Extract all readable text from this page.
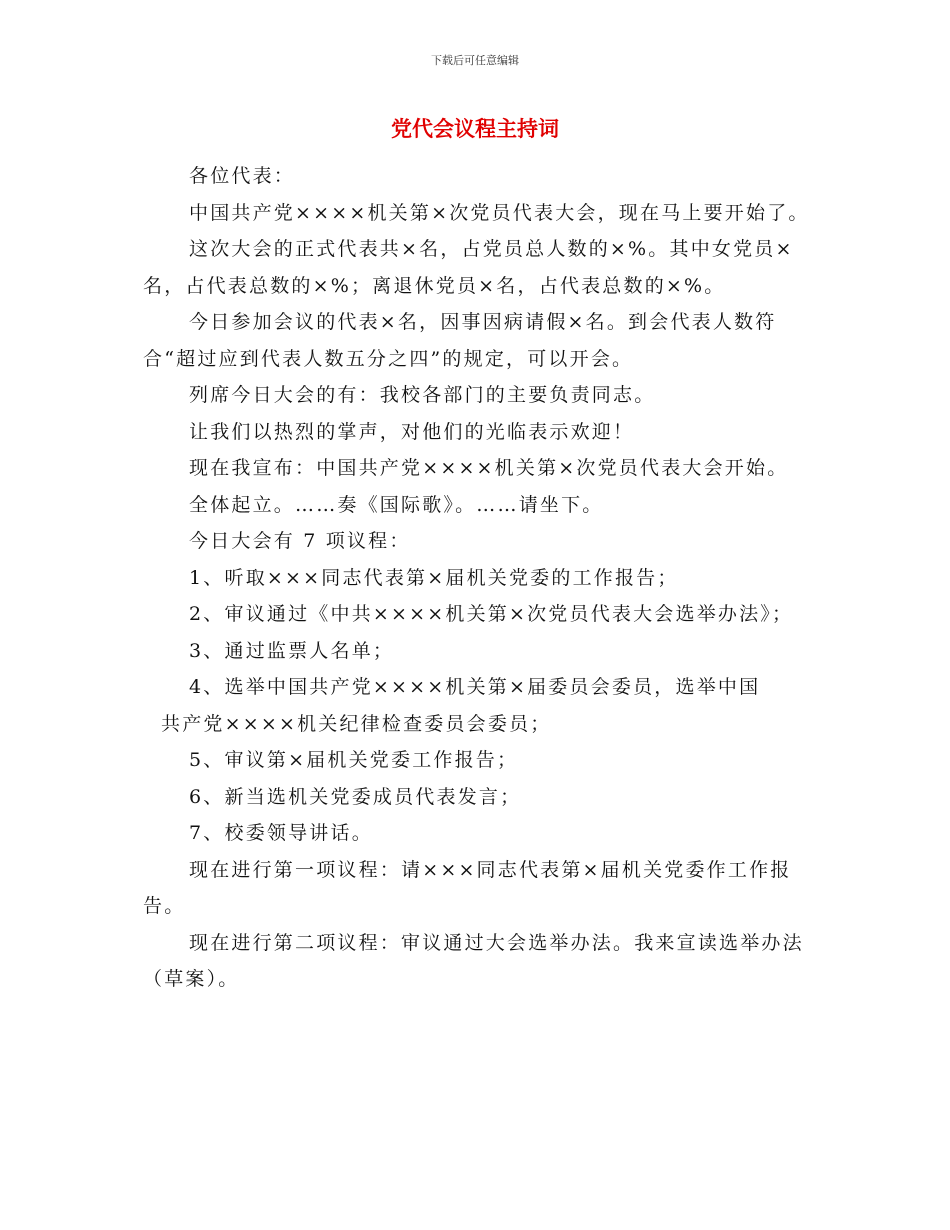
下载后可任意编辑
党代会议程主持词

各位代表：

中国共产党××××机关第×次党员代表大会，现在马上要开始了。

这次大会的正式代表共×名，占党员总人数的×%。其中女党员×名，占代表总数的×%；离退休党员×名，占代表总数的×%。

今日参加会议的代表×名，因事因病请假×名。到会代表人数符合“超过应到代表人数五分之四”的规定，可以开会。

列席今日大会的有：我校各部门的主要负责同志。

让我们以热烈的掌声，对他们的光临表示欢迎！

现在我宣布：中国共产党××××机关第×次党员代表大会开始。

全体起立。……奏《国际歌》。……请坐下。

今日大会有 7 项议程：

1、听取×××同志代表第×届机关党委的工作报告；

2、审议通过《中共××××机关第×次党员代表大会选举办法》；

3、通过监票人名单；

4、选举中国共产党××××机关第×届委员会委员，选举中国

共产党××××机关纪律检查委员会委员；

5、审议第×届机关党委工作报告；

6、新当选机关党委成员代表发言；

7、校委领导讲话。

现在进行第一项议程：请×××同志代表第×届机关党委作工作报告。

现在进行第二项议程：审议通过大会选举办法。我来宣读选举办法（草案）。
